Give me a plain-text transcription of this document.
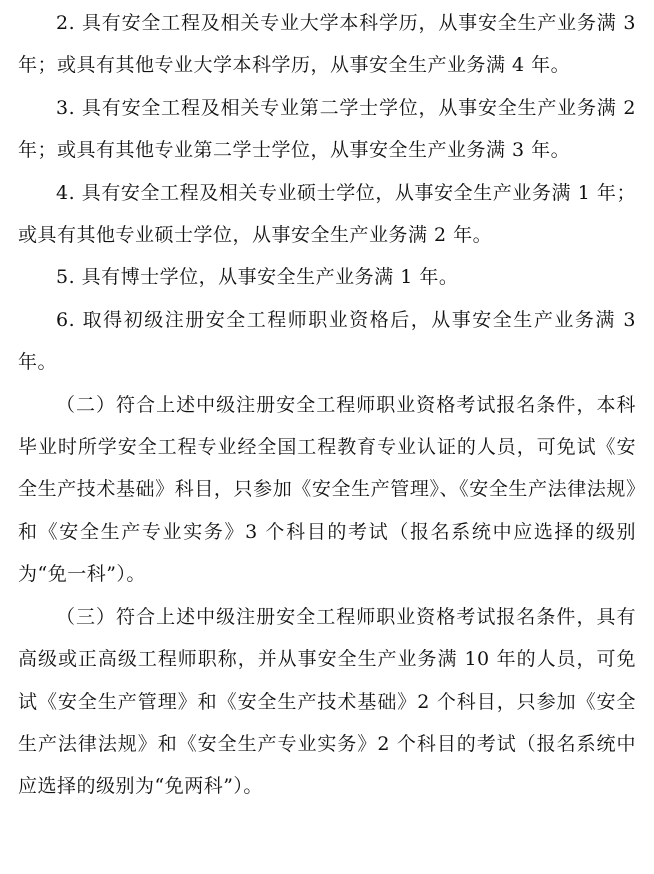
2. 具有安全工程及相关专业大学本科学历，从事安全生产业务满 3 年；或具有其他专业大学本科学历，从事安全生产业务满 4 年。

3. 具有安全工程及相关专业第二学士学位，从事安全生产业务满 2 年；或具有其他专业第二学士学位，从事安全生产业务满 3 年。

4. 具有安全工程及相关专业硕士学位，从事安全生产业务满 1 年；或具有其他专业硕士学位，从事安全生产业务满 2 年。

5. 具有博士学位，从事安全生产业务满 1 年。

6. 取得初级注册安全工程师职业资格后，从事安全生产业务满 3 年。

（二）符合上述中级注册安全工程师职业资格考试报名条件，本科毕业时所学安全工程专业经全国工程教育专业认证的人员，可免试《安全生产技术基础》科目，只参加《安全生产管理》、《安全生产法律法规》和《安全生产专业实务》3 个科目的考试（报名系统中应选择的级别为“免一科”）。

（三）符合上述中级注册安全工程师职业资格考试报名条件，具有高级或正高级工程师职称，并从事安全生产业务满 10 年的人员，可免试《安全生产管理》和《安全生产技术基础》2 个科目，只参加《安全生产法律法规》和《安全生产专业实务》2 个科目的考试（报名系统中应选择的级别为“免两科”）。
